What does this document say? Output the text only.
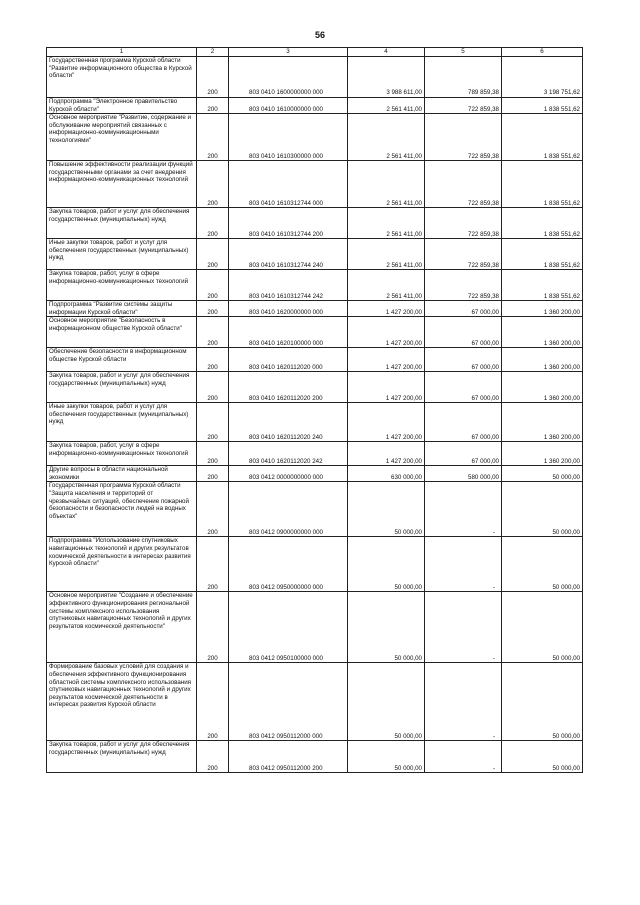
56
1	2	3	4	5	6
Государственная программа Курской области "Развитие информационного общества в Курской области"	200	803 0410 1600000000 000	3 988 611,00	789 859,38	3 198 751,62
Подпрограмма "Электронное правительство Курской области"	200	803 0410 1610000000 000	2 561 411,00	722 859,38	1 838 551,62
Основное мероприятие "Развитие, содержание и обслуживание мероприятий связанных с информационно-коммуникационными технологиями"	200	803 0410 1610300000 000	2 561 411,00	722 859,38	1 838 551,62
Повышение эффективности реализации функций государственными органами за счет внедрения информационно-коммуникационных технологий	200	803 0410 1610312744 000	2 561 411,00	722 859,38	1 838 551,62
Закупка товаров, работ и услуг для обеспечения государственных (муниципальных) нужд	200	803 0410 1610312744 200	2 561 411,00	722 859,38	1 838 551,62
Иные закупки товаров, работ и услуг для обеспечения государственных (муниципальных) нужд	200	803 0410 1610312744 240	2 561 411,00	722 859,38	1 838 551,62
Закупка товаров, работ, услуг в сфере информационно-коммуникационных технологий	200	803 0410 1610312744 242	2 561 411,00	722 859,38	1 838 551,62
Подпрограмма "Развитие системы защиты информации Курской области"	200	803 0410 1620000000 000	1 427 200,00	67 000,00	1 360 200,00
Основное мероприятие "Безопасность в информационном обществе Курской области"	200	803 0410 1620100000 000	1 427 200,00	67 000,00	1 360 200,00
Обеспечение безопасности в информационном обществе Курской области	200	803 0410 1620112020 000	1 427 200,00	67 000,00	1 360 200,00
Закупка товаров, работ и услуг для обеспечения государственных (муниципальных) нужд	200	803 0410 1620112020 200	1 427 200,00	67 000,00	1 360 200,00
Иные закупки товаров, работ и услуг для обеспечения государственных (муниципальных) нужд	200	803 0410 1620112020 240	1 427 200,00	67 000,00	1 360 200,00
Закупка товаров, работ, услуг в сфере информационно-коммуникационных технологий	200	803 0410 1620112020 242	1 427 200,00	67 000,00	1 360 200,00
Другие вопросы в области национальной экономики	200	803 0412 0000000000 000	630 000,00	580 000,00	50 000,00
Государственная программа Курской области "Защита населения и территорий от чрезвычайных ситуаций, обеспечение пожарной безопасности и безопасности людей на водных объектах"	200	803 0412 0900000000 000	50 000,00	-	50 000,00
Подпрограмма "Использование спутниковых навигационных технологий и других результатов космической деятельности в интересах развития Курской области"	200	803 0412 0950000000 000	50 000,00	-	50 000,00
Основное мероприятие "Создание и обеспечение эффективного функционирования региональной системы комплексного использования спутниковых навигационных технологий и других результатов космической деятельности"	200	803 0412 0950100000 000	50 000,00	-	50 000,00
Формирование базовых условий для создания и обеспечения эффективного функционирования областной системы комплексного использования спутниковых навигационных технологий и других результатов космической деятельности в интересах развития Курской области	200	803 0412 0950112000 000	50 000,00	-	50 000,00
Закупка товаров, работ и услуг для обеспечения государственных (муниципальных) нужд	200	803 0412 0950112000 200	50 000,00	-	50 000,00
